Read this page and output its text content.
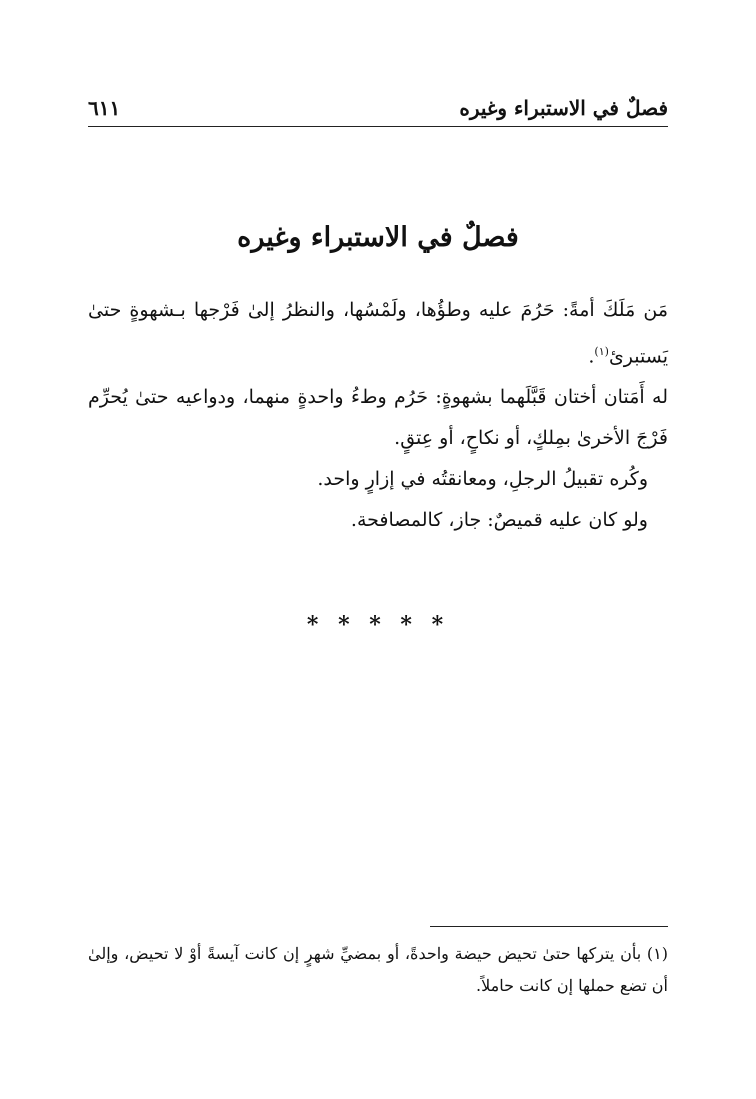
فصلٌ في الاستبراء وغيره
٦١١
فصلٌ في الاستبراء وغيره

مَن مَلَكَ أمةً: حَرُمَ عليه وطؤُها، ولَمْسُها، والنظرُ إلىٰ فَرْجها بـشهوةٍ حتىٰ يَستبرئ$^{(١)}$.

له أَمَتان أختان قَبَّلَهما بشهوةٍ: حَرُم وطءُ واحدةٍ منهما، ودواعيه حتىٰ يُحرِّم فَرْجَ الأخرىٰ بمِلكٍ، أو نكاحٍ، أو عِتقٍ.

وكُره تقبيلُ الرجلِ، ومعانقتُه في إزارٍ واحد.

ولو كان عليه قميصٌ: جاز، كالمصافحة.

* * * * *

(١) بأن يتركها حتىٰ تحيض حيضة واحدةً، أو بمضيِّ شهرٍ إن كانت آيسةً أوْ لا تحيض، وإلىٰ أن تضع حملها إن كانت حاملاً.
